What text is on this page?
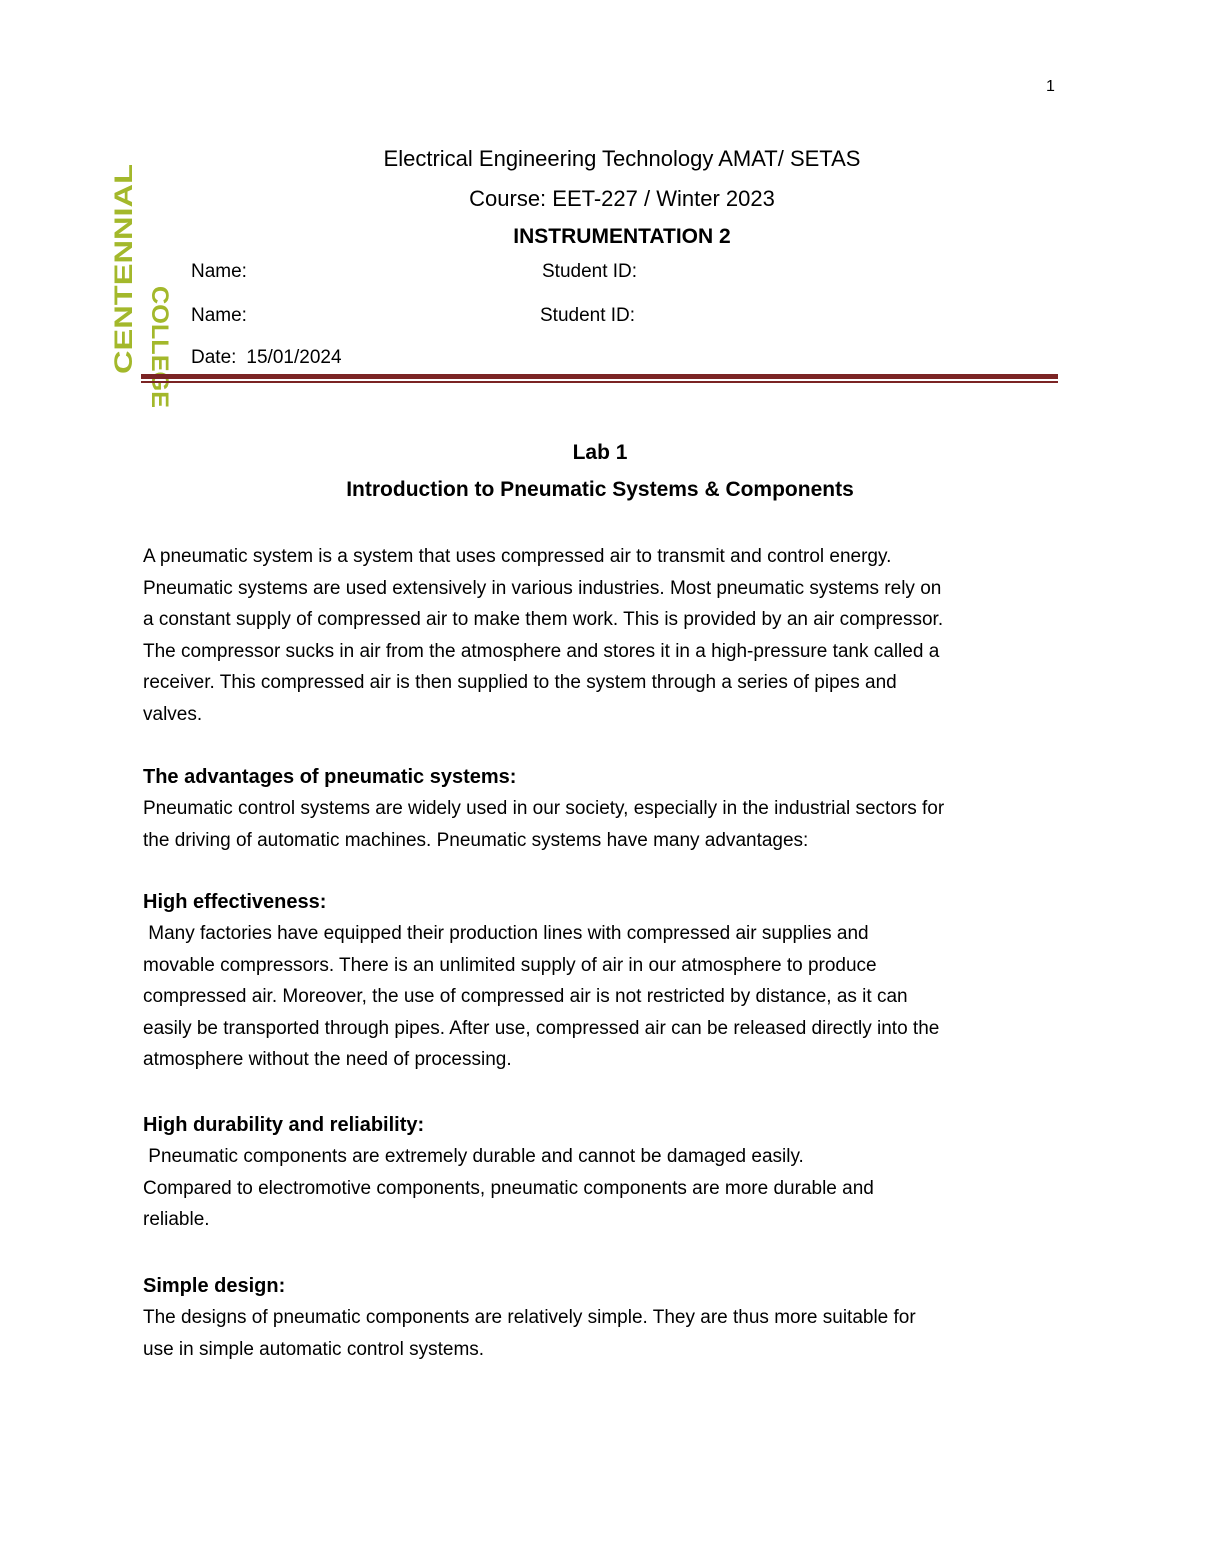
1
CENTENNIAL COLLEGE
Electrical Engineering Technology AMAT/ SETAS
Course: EET-227 / Winter 2023
INSTRUMENTATION 2
Name:	Student ID:
Name:	Student ID:
Date: 15/01/2024
Lab 1
Introduction to Pneumatic Systems & Components

A pneumatic system is a system that uses compressed air to transmit and control energy.

Pneumatic systems are used extensively in various industries. Most pneumatic systems rely on

a constant supply of compressed air to make them work. This is provided by an air compressor.

The compressor sucks in air from the atmosphere and stores it in a high-pressure tank called a

receiver. This compressed air is then supplied to the system through a series of pipes and

valves.

The advantages of pneumatic systems:

Pneumatic control systems are widely used in our society, especially in the industrial sectors for

the driving of automatic machines. Pneumatic systems have many advantages:

High effectiveness:

Many factories have equipped their production lines with compressed air supplies and

movable compressors. There is an unlimited supply of air in our atmosphere to produce

compressed air. Moreover, the use of compressed air is not restricted by distance, as it can

easily be transported through pipes. After use, compressed air can be released directly into the

atmosphere without the need of processing.

High durability and reliability:

Pneumatic components are extremely durable and cannot be damaged easily.

Compared to electromotive components, pneumatic components are more durable and

reliable.

Simple design:

The designs of pneumatic components are relatively simple. They are thus more suitable for

use in simple automatic control systems.
